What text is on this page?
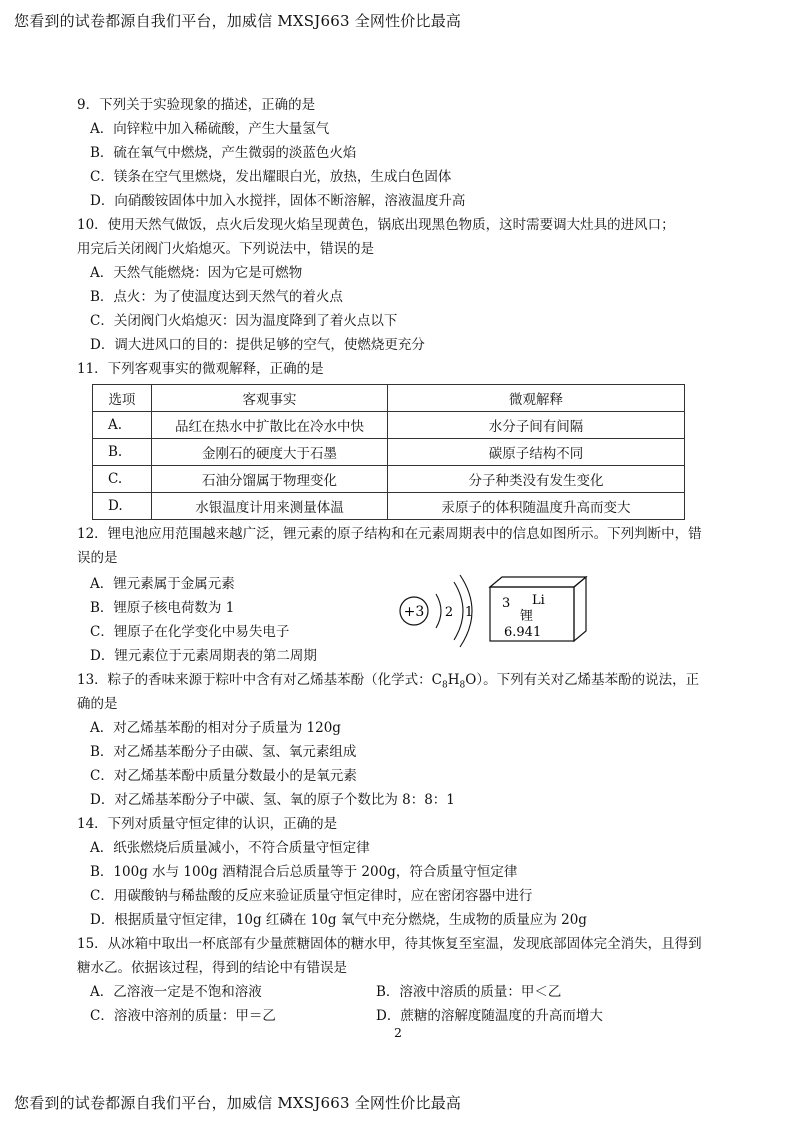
您看到的试卷都源自我们平台，加威信 MXSJ663 全网性价比最高
9．下列关于实验现象的描述，正确的是
A．向锌粒中加入稀硫酸，产生大量氢气
B．硫在氧气中燃烧，产生微弱的淡蓝色火焰
C．镁条在空气里燃烧，发出耀眼白光，放热，生成白色固体
D．向硝酸铵固体中加入水搅拌，固体不断溶解，溶液温度升高
10．使用天然气做饭，点火后发现火焰呈现黄色，锅底出现黑色物质，这时需要调大灶具的进风口；
用完后关闭阀门火焰熄灭。下列说法中，错误的是
A．天然气能燃烧：因为它是可燃物
B．点火：为了使温度达到天然气的着火点
C．关闭阀门火焰熄灭：因为温度降到了着火点以下
D．调大进风口的目的：提供足够的空气，使燃烧更充分
11．下列客观事实的微观解释，正确的是
选项	客观事实	微观解释
A.	品红在热水中扩散比在冷水中快	水分子间有间隔
B.	金刚石的硬度大于石墨	碳原子结构不同
C.	石油分馏属于物理变化	分子种类没有发生变化
D.	水银温度计用来测量体温	汞原子的体积随温度升高而变大
12．锂电池应用范围越来越广泛，锂元素的原子结构和在元素周期表中的信息如图所示。下列判断中，错
误的是
A．锂元素属于金属元素
B．锂原子核电荷数为 1
C．锂原子在化学变化中易失电子
D．锂元素位于元素周期表的第二周期
+3 2 1
3 Li
锂
6.941
13．粽子的香味来源于粽叶中含有对乙烯基苯酚（化学式：$C_8H_8O$）。下列有关对乙烯基苯酚的说法，正
确的是
A．对乙烯基苯酚的相对分子质量为 120g
B．对乙烯基苯酚分子由碳、氢、氧元素组成
C．对乙烯基苯酚中质量分数最小的是氧元素
D．对乙烯基苯酚分子中碳、氢、氧的原子个数比为 8：8：1
14．下列对质量守恒定律的认识，正确的是
A．纸张燃烧后质量减小，不符合质量守恒定律
B．100g 水与 100g 酒精混合后总质量等于 200g，符合质量守恒定律
C．用碳酸钠与稀盐酸的反应来验证质量守恒定律时，应在密闭容器中进行
D．根据质量守恒定律，10g 红磷在 10g 氧气中充分燃烧，生成物的质量应为 20g
15．从冰箱中取出一杯底部有少量蔗糖固体的糖水甲，待其恢复至室温，发现底部固体完全消失，且得到
糖水乙。依据该过程，得到的结论中有错误是
A．乙溶液一定是不饱和溶液	B．溶液中溶质的质量：甲＜乙
C．溶液中溶剂的质量：甲＝乙	D．蔗糖的溶解度随温度的升高而增大
2
您看到的试卷都源自我们平台，加威信 MXSJ663 全网性价比最高
